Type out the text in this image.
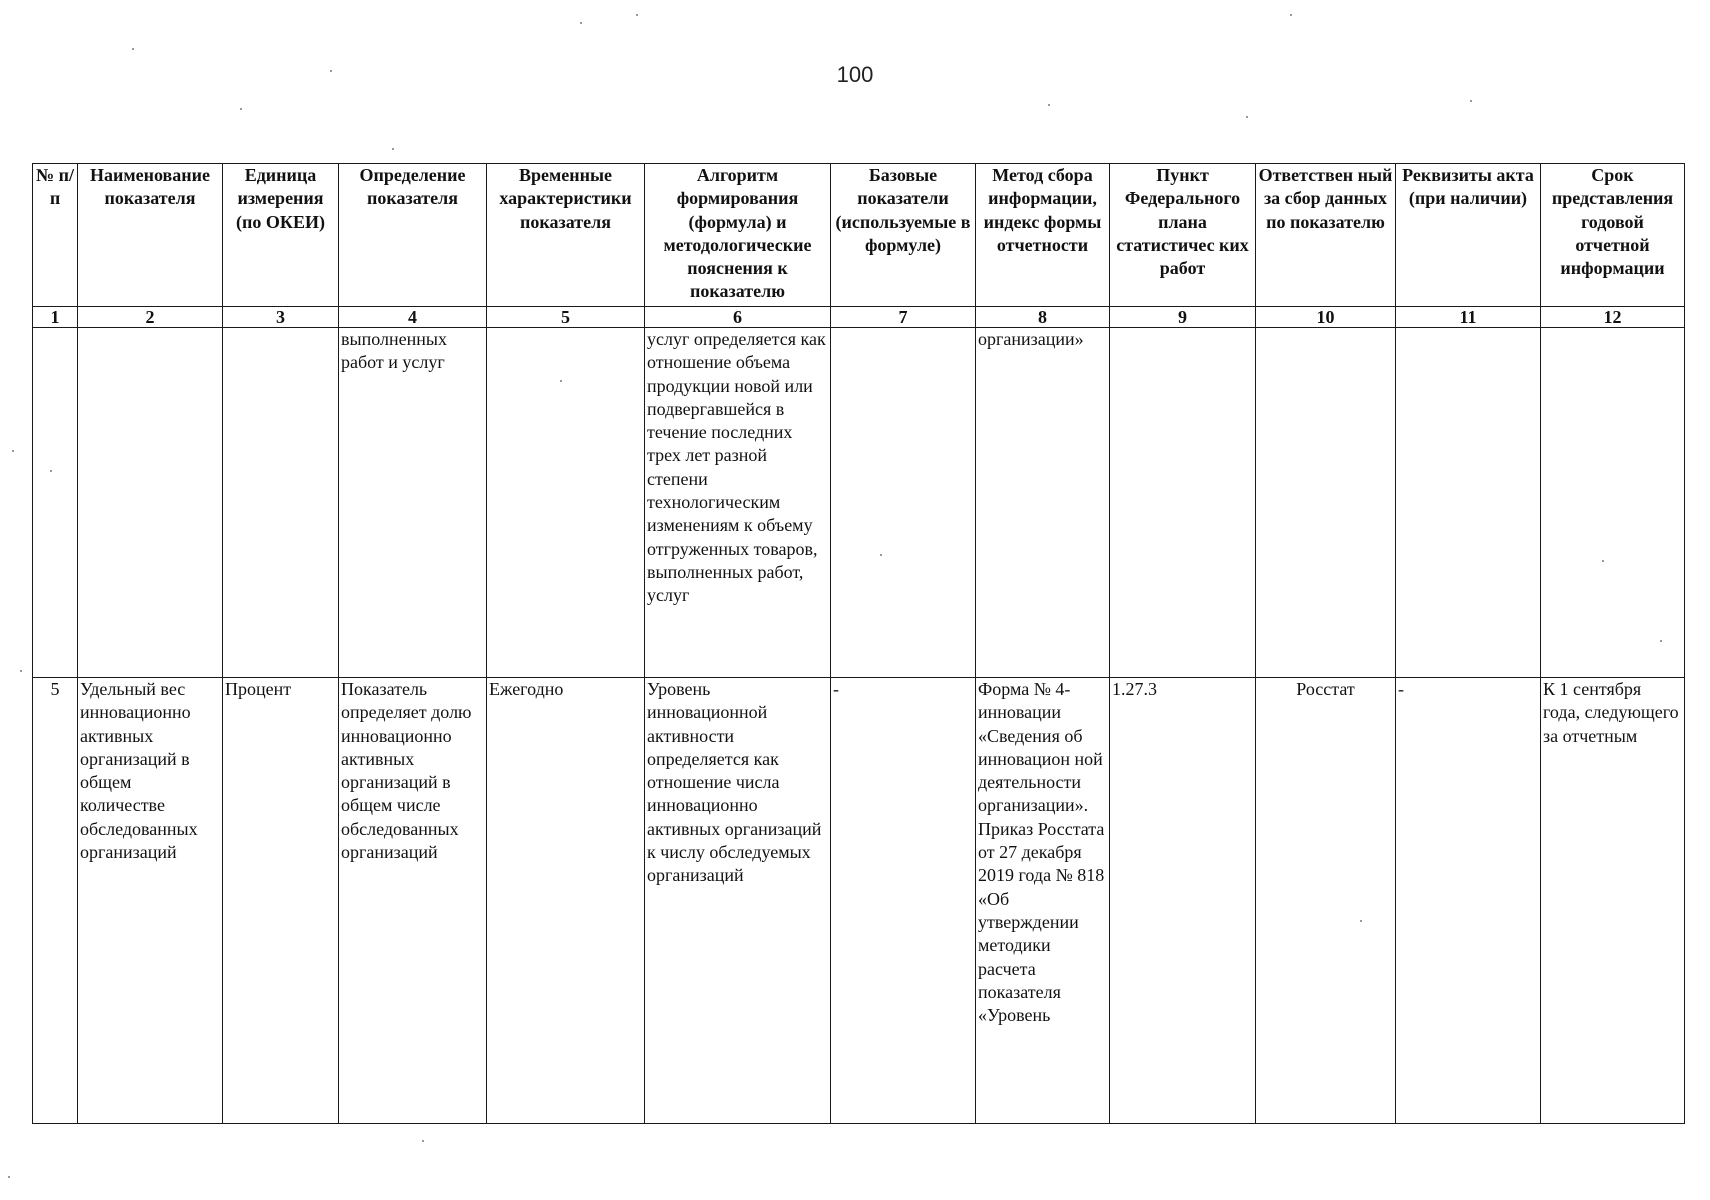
100
№ п/п	Наименование показателя	Единица измерения (по ОКЕИ)	Определение показателя	Временные характеристики показателя	Алгоритм формирования (формула) и методологические пояснения к показателю	Базовые показатели (используемые в формуле)	Метод сбора информации, индекс формы отчетности	Пункт Федерального плана статистичес ких работ	Ответствен ный за сбор данных по показателю	Реквизиты акта (при наличии)	Срок представления годовой отчетной информации
1	2	3	4	5	6	7	8	9	10	11	12
			выполненных работ и услуг		услуг определяется как отношение объема продукции новой или подвергавшейся в течение последних трех лет разной степени технологическим изменениям к объему отгруженных товаров, выполненных работ, услуг		организации»				
5	Удельный вес инновационно активных организаций в общем количестве обследованных организаций	Процент	Показатель определяет долю инновационно активных организаций в общем числе обследованных организаций	Ежегодно	Уровень инновационной активности определяется как отношение числа инновационно активных организаций к числу обследуемых организаций	-	Форма № 4-инновации «Сведения об инновацион ной деятельности организации». Приказ Росстата от 27 декабря 2019 года № 818 «Об утверждении методики расчета показателя «Уровень	1.27.3	Росстат	-	К 1 сентября года, следующего за отчетным
